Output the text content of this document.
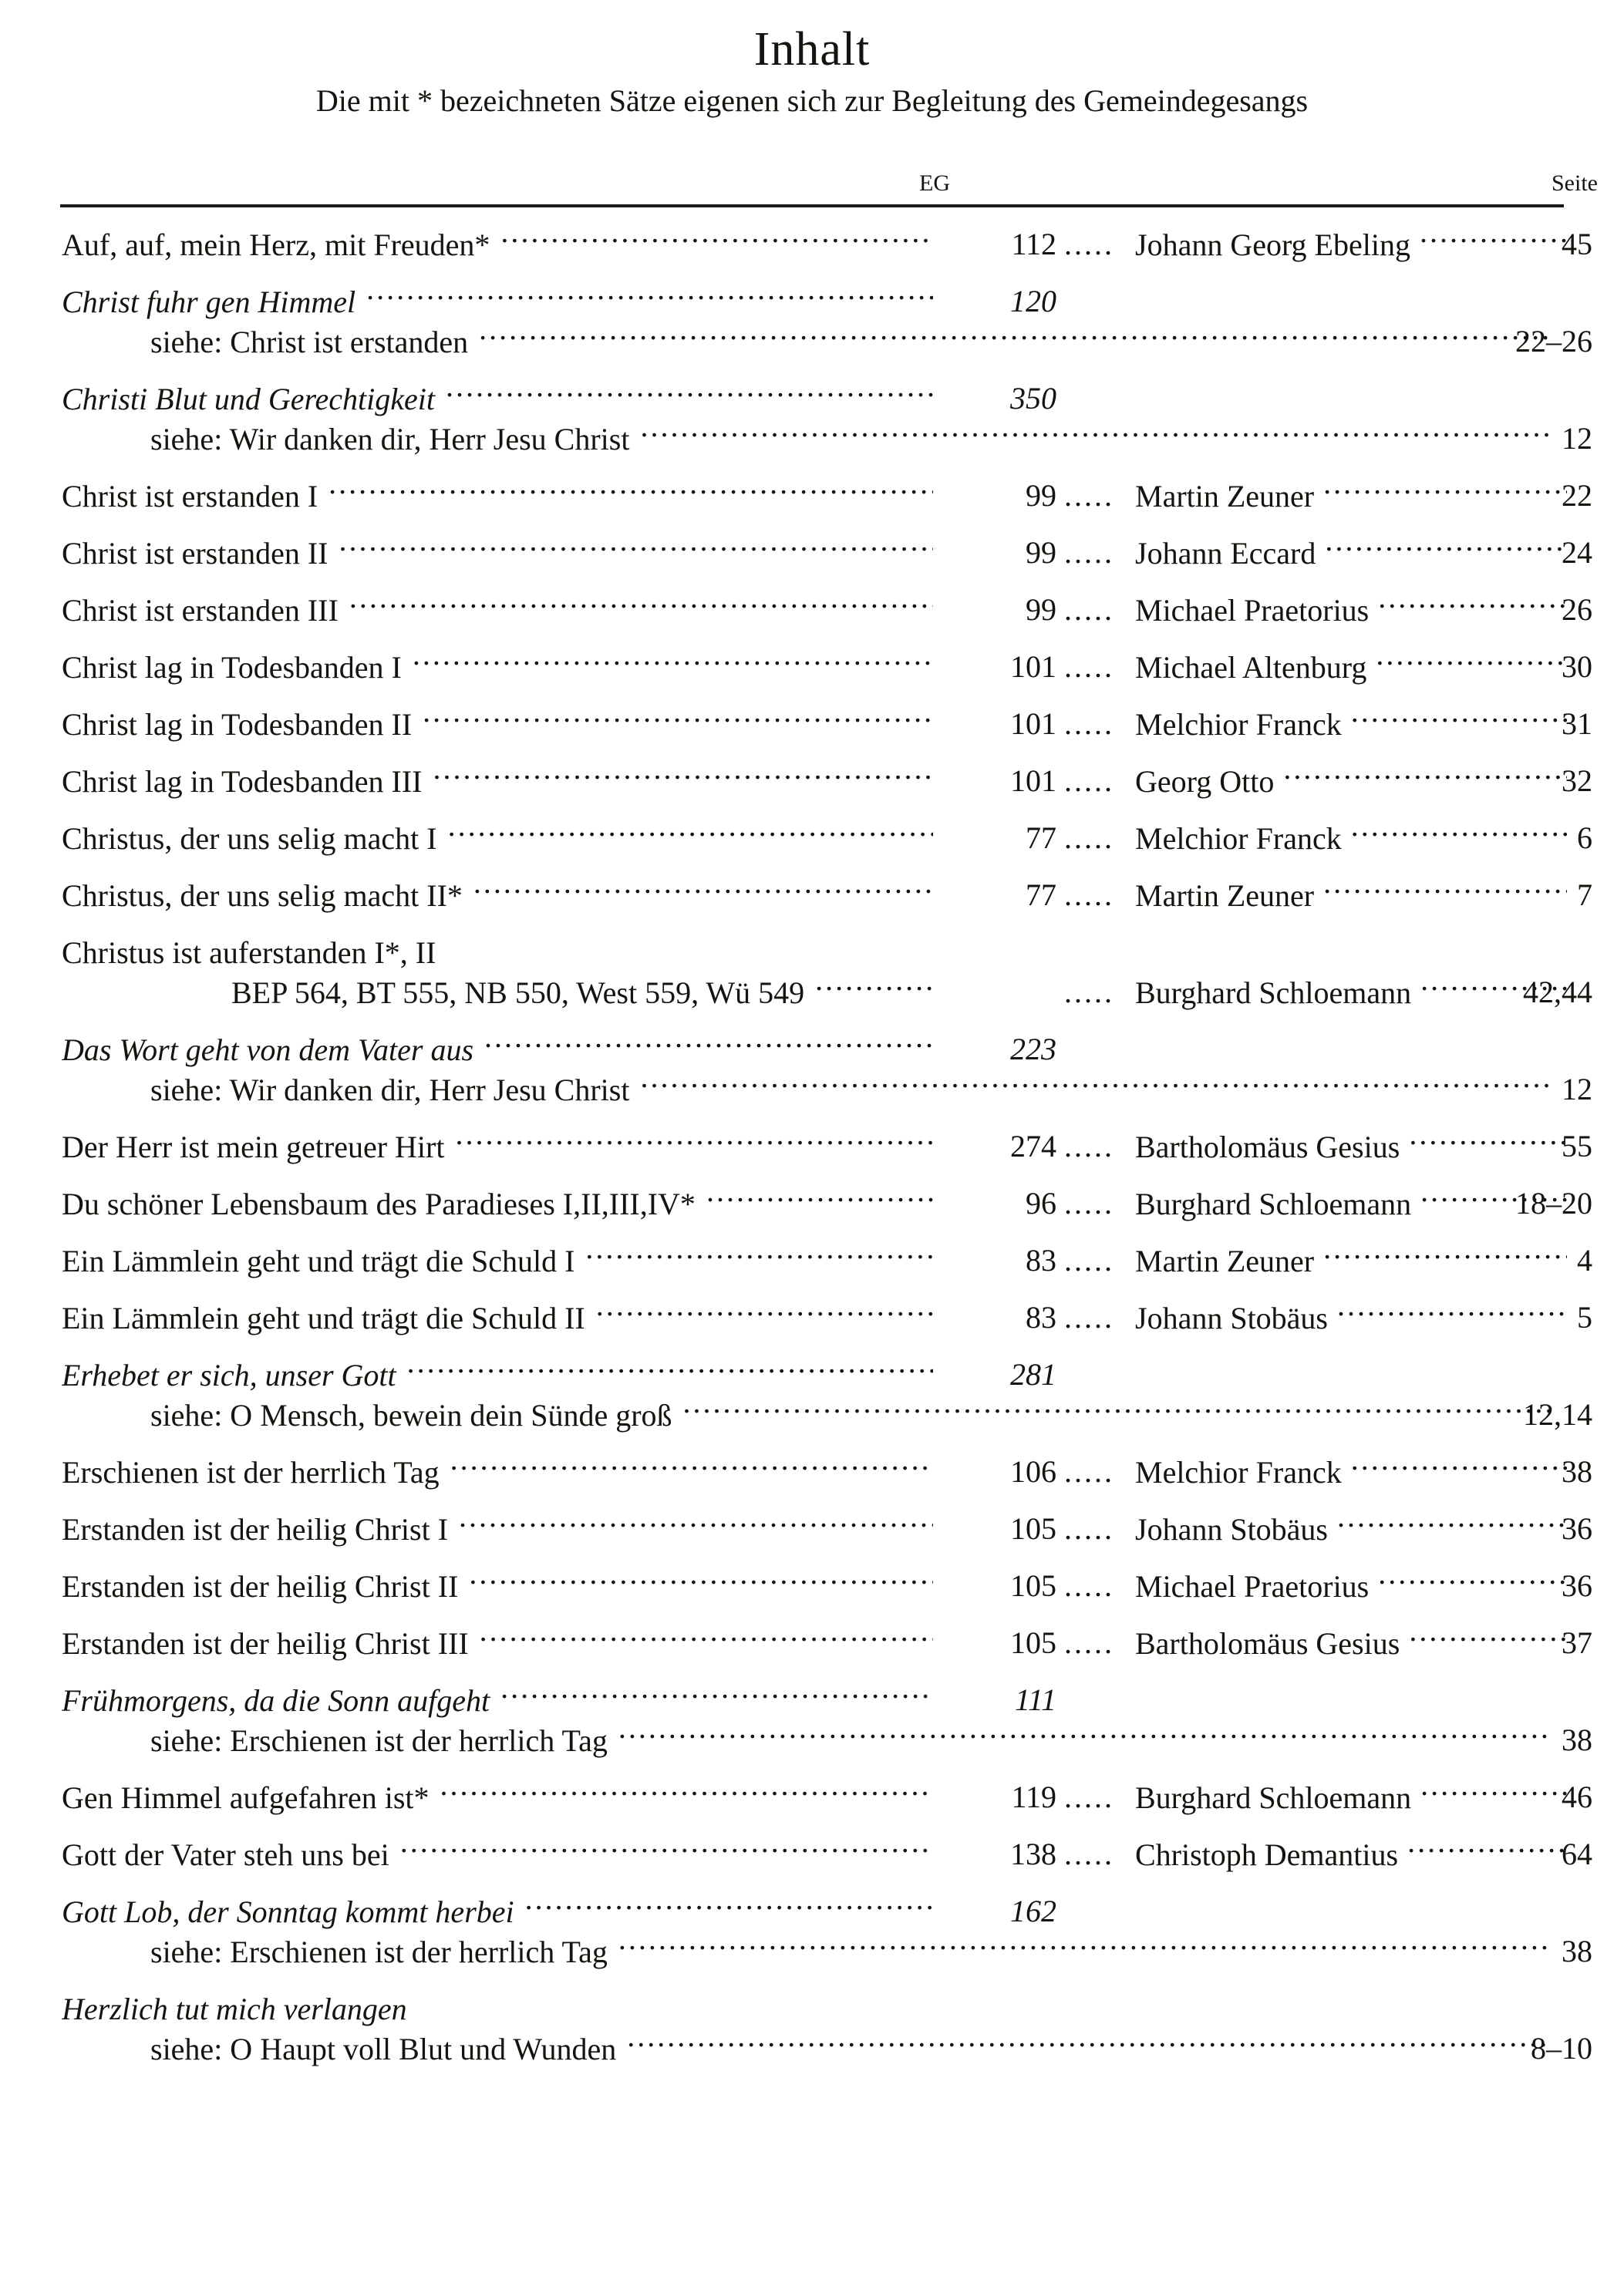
Inhalt

Die mit * bezeichneten Sätze eigenen sich zur Begleitung des Gemeindegesangs

EG	Seite
Auf, auf, mein Herz, mit Freuden* .....	112 ..... Johann Georg Ebeling .....	45
Christ fuhr gen Himmel .....	120
siehe: Christ ist erstanden .....	22–26
Christi Blut und Gerechtigkeit .....	350
siehe: Wir danken dir, Herr Jesu Christ .....	12
Christ ist erstanden I .....	99 ..... Martin Zeuner .....	22
Christ ist erstanden II .....	99 ..... Johann Eccard .....	24
Christ ist erstanden III .....	99 ..... Michael Praetorius .....	26
Christ lag in Todesbanden I .....	101 ..... Michael Altenburg .....	30
Christ lag in Todesbanden II .....	101 ..... Melchior Franck .....	31
Christ lag in Todesbanden III .....	101 ..... Georg Otto .....	32
Christus, der uns selig macht I .....	77 ..... Melchior Franck .....	6
Christus, der uns selig macht II* .....	77 ..... Martin Zeuner .....	7
Christus ist auferstanden I*, II
BEP 564, BT 555, NB 550, West 559, Wü 549 .....	..... Burghard Schloemann .....	42,44
Das Wort geht von dem Vater aus .....	223
siehe: Wir danken dir, Herr Jesu Christ .....	12
Der Herr ist mein getreuer Hirt .....	274 ..... Bartholomäus Gesius .....	55
Du schöner Lebensbaum des Paradieses I,II,III,IV* .....	96 ..... Burghard Schloemann .....	18–20
Ein Lämmlein geht und trägt die Schuld I .....	83 ..... Martin Zeuner .....	4
Ein Lämmlein geht und trägt die Schuld II .....	83 ..... Johann Stobäus .....	5
Erhebet er sich, unser Gott .....	281
siehe: O Mensch, bewein dein Sünde groß .....	12,14
Erschienen ist der herrlich Tag .....	106 ..... Melchior Franck .....	38
Erstanden ist der heilig Christ I .....	105 ..... Johann Stobäus .....	36
Erstanden ist der heilig Christ II .....	105 ..... Michael Praetorius .....	36
Erstanden ist der heilig Christ III .....	105 ..... Bartholomäus Gesius .....	37
Frühmorgens, da die Sonn aufgeht .....	111
siehe: Erschienen ist der herrlich Tag .....	38
Gen Himmel aufgefahren ist* .....	119 ..... Burghard Schloemann .....	46
Gott der Vater steh uns bei .....	138 ..... Christoph Demantius .....	64
Gott Lob, der Sonntag kommt herbei .....	162
siehe: Erschienen ist der herrlich Tag .....	38
Herzlich tut mich verlangen
siehe: O Haupt voll Blut und Wunden .....	8–10
